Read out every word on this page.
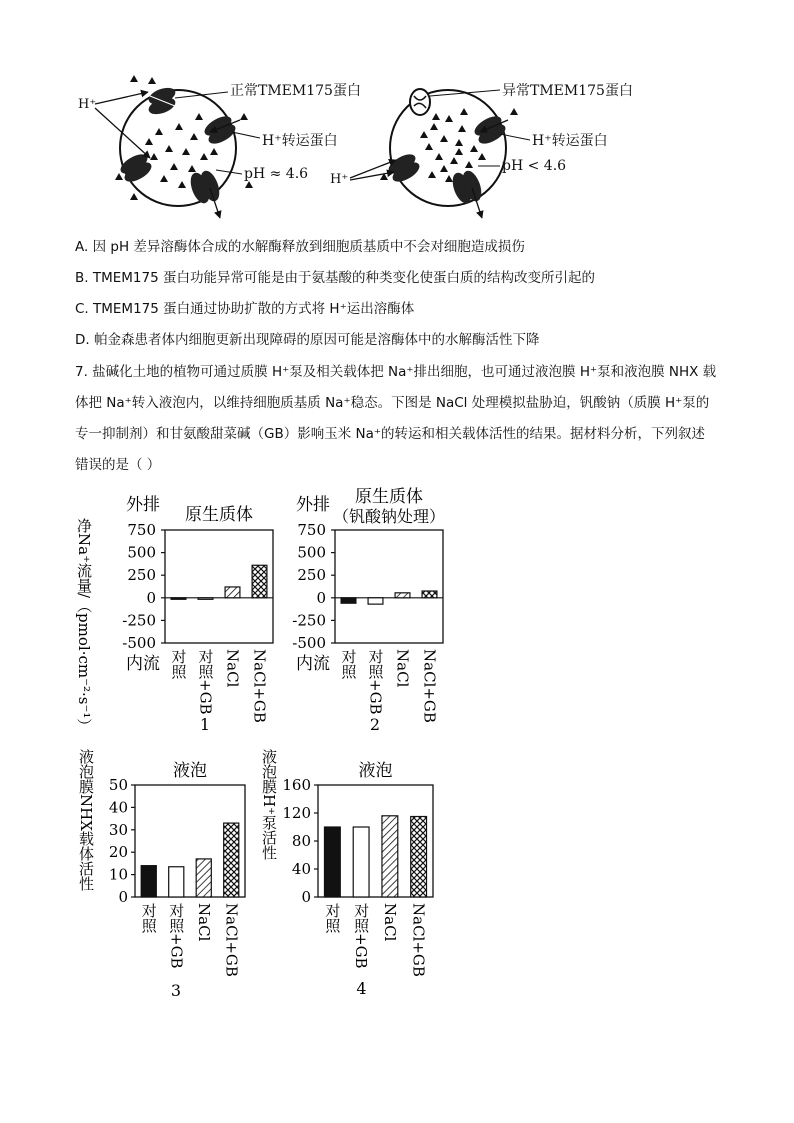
H⁺
正常TMEM175蛋白
H⁺转运蛋白
pH ≈ 4.6
异常TMEM175蛋白
H⁺转运蛋白
pH < 4.6
H⁺
A. 因 pH 差异溶酶体合成的水解酶释放到细胞质基质中不会对细胞造成损伤
B. TMEM175 蛋白功能异常可能是由于氨基酸的种类变化使蛋白质的结构改变所引起的
C. TMEM175 蛋白通过协助扩散的方式将 H⁺运出溶酶体
D. 帕金森患者体内细胞更新出现障碍的原因可能是溶酶体中的水解酶活性下降
7. 盐碱化土地的植物可通过质膜 H⁺泵及相关载体把 Na⁺排出细胞，也可通过液泡膜 H⁺泵和液泡膜 NHX 载
体把 Na⁺转入液泡内，以维持细胞质基质 Na⁺稳态。下图是 NaCl 处理模拟盐胁迫，钒酸钠（质膜 H⁺泵的
专一抑制剂）和甘氨酸甜菜碱（GB）影响玉米 Na⁺的转运和相关载体活性的结果。据材料分析，下列叙述
错误的是（ ）
750
500
250
0
-250
-500
对照 对照+GB NaCl NaCl+GB
原生质体
外排
内流
净Na⁺流量/（pmol·cm⁻²·s⁻¹）	1
750
500
250
0
-250
-500
对照 对照+GB NaCl NaCl+GB
原生质体
（钒酸钠处理）
外排
内流
2
50
40
30
20
10
0
对照 对照+GB NaCl NaCl+GB
液泡
液泡膜NHX载体活性
3
160
120
80
40
0
对照 对照+GB NaCl NaCl+GB
液泡
液泡膜H⁺泵活性
4
